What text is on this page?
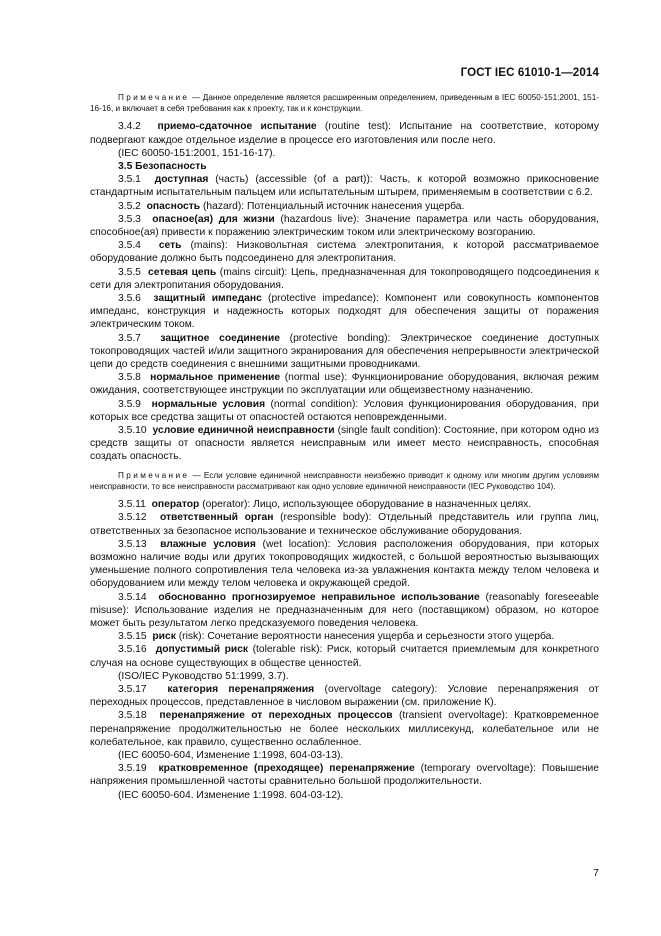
ГОСТ IEC 61010-1—2014

Примечание — Данное определение является расширенным определением, приведенным в IEC 60050-151:2001, 151-16-16, и включает в себя требования как к проекту, так и к конструкции.

3.4.2 приемо-сдаточное испытание (routine test): Испытание на соответствие, которому подвергают каждое отдельное изделие в процессе его изготовления или после него.

(IEC 60050-151:2001, 151-16-17).

3.5 Безопасность

3.5.1 доступная (часть) (accessible (of a part)): Часть, к которой возможно прикосновение стандартным испытательным пальцем или испытательным штырем, применяемым в соответствии с 6.2.

3.5.2 опасность (hazard): Потенциальный источник нанесения ущерба.

3.5.3 опасное(ая) для жизни (hazardous live): Значение параметра или часть оборудования, способное(ая) привести к поражению электрическим током или электрическому возгоранию.

3.5.4 сеть (mains): Низковольтная система электропитания, к которой рассматриваемое оборудование должно быть подсоединено для электропитания.

3.5.5 сетевая цепь (mains circuit): Цепь, предназначенная для токопроводящего подсоединения к сети для электропитания оборудования.

3.5.6 защитный импеданс (protective impedance): Компонент или совокупность компонентов импеданс, конструкция и надежность которых подходят для обеспечения защиты от поражения электрическим током.

3.5.7 защитное соединение (protective bonding): Электрическое соединение доступных токопроводящих частей и/или защитного экранирования для обеспечения непрерывности электрической цепи до средств соединения с внешними защитными проводниками.

3.5.8 нормальное применение (normal use): Функционирование оборудования, включая режим ожидания, соответствующее инструкции по эксплуатации или общеизвестному назначению.

3.5.9 нормальные условия (normal condition): Условия функционирования оборудования, при которых все средства защиты от опасностей остаются неповрежденными.

3.5.10 условие единичной неисправности (single fault condition): Состояние, при котором одно из средств защиты от опасности является неисправным или имеет место неисправность, способная создать опасность.

Примечание — Если условие единичной неисправности неизбежно приводит к одному или многим другим условиям неисправности, то все неисправности рассматривают как одно условие единичной неисправности (IEC Руководство 104).

3.5.11 оператор (operator): Лицо, использующее оборудование в назначенных целях.

3.5.12 ответственный орган (responsible body): Отдельный представитель или группа лиц, ответственных за безопасное использование и техническое обслуживание оборудования.

3.5.13 влажные условия (wet location): Условия расположения оборудования, при которых возможно наличие воды или других токопроводящих жидкостей, с большой вероятностью вызывающих уменьшение полного сопротивления тела человека из-за увлажнения контакта между телом человека и оборудованием или между телом человека и окружающей средой.

3.5.14 обоснованно прогнозируемое неправильное использование (reasonably foreseeable misuse): Использование изделия не предназначенным для него (поставщиком) образом, но которое может быть результатом легко предсказуемого поведения человека.

3.5.15 риск (risk): Сочетание вероятности нанесения ущерба и серьезности этого ущерба.

3.5.16 допустимый риск (tolerable risk): Риск, который считается приемлемым для конкретного случая на основе существующих в обществе ценностей.

(ISO/IEC Руководство 51:1999, 3.7).

3.5.17 категория перенапряжения (overvoltage category): Условие перенапряжения от переходных процессов, представленное в числовом выражении (см. приложение К).

3.5.18 перенапряжение от переходных процессов (transient overvoltage): Кратковременное перенапряжение продолжительностью не более нескольких миллисекунд, колебательное или не колебательное, как правило, существенно ослабленное.

(IEC 60050-604, Изменение 1:1998, 604-03-13).

3.5.19 кратковременное (преходящее) перенапряжение (temporary overvoltage): Повышение напряжения промышленной частоты сравнительно большой продолжительности.

(IEC 60050-604. Изменение 1:1998. 604-03-12).

7
